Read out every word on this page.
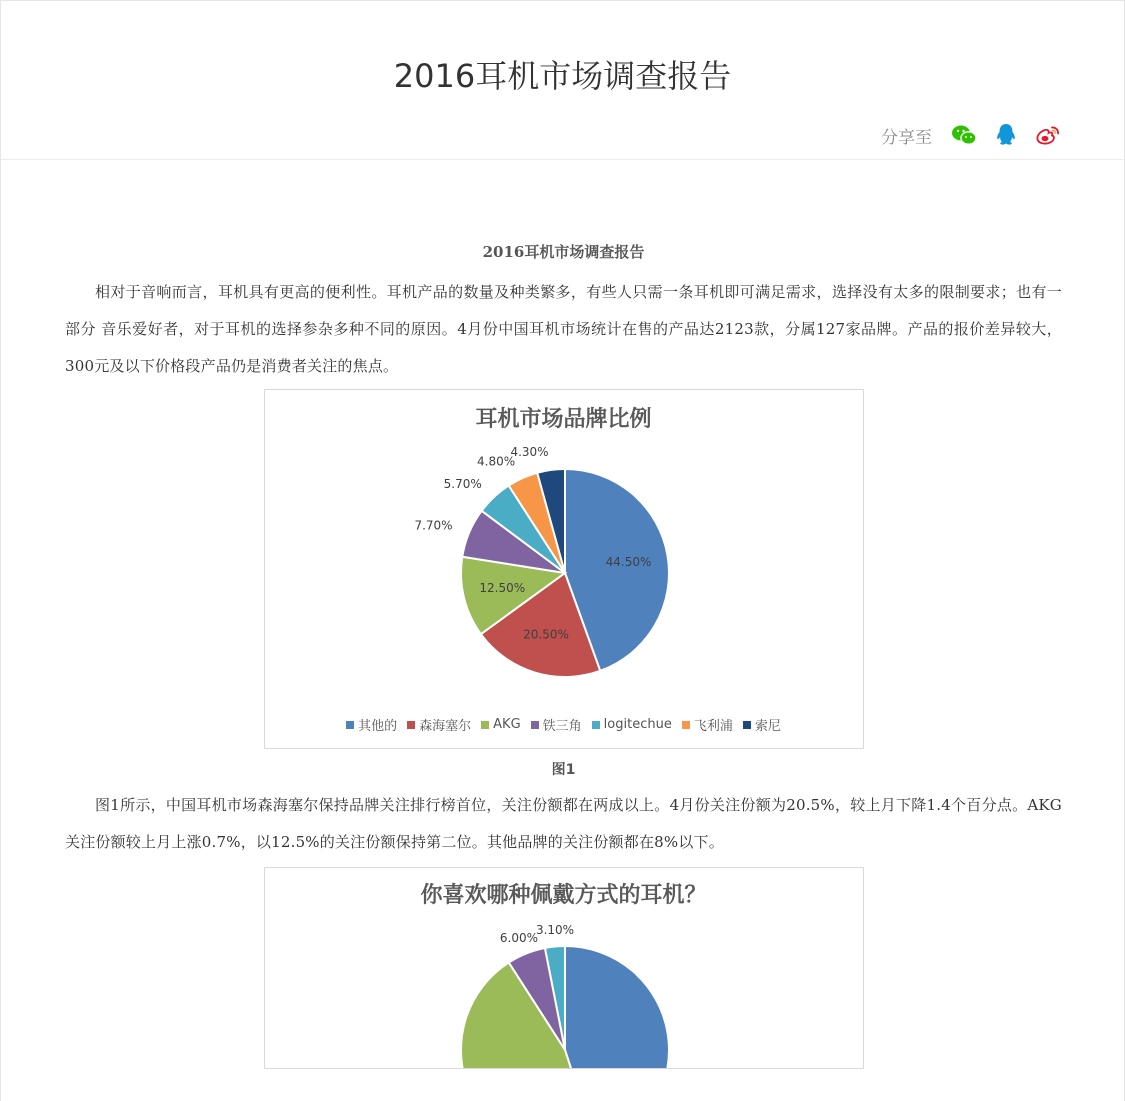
2016耳机市场调查报告
分享至
2016耳机市场调查报告

相对于音响而言，耳机具有更高的便利性。耳机产品的数量及种类繁多，有些人只需一条耳机即可满足需求，选择没有太多的限制要求；也有一部分 音乐爱好者，对于耳机的选择参杂多种不同的原因。4月份中国耳机市场统计在售的产品达2123款，分属127家品牌。产品的报价差异较大，300元及以下价格段产品仍是消费者关注的焦点。

耳机市场品牌比例
44.50%
20.50%
12.50%
7.70%
5.70%
4.80%
4.30%
其他的 森海塞尔 AKG 铁三角 logitechue 飞利浦 索尼
图1

图1所示，中国耳机市场森海塞尔保持品牌关注排行榜首位，关注份额都在两成以上。4月份关注份额为20.5%，较上月下降1.4个百分点。AKG关注份额较上月上涨0.7%，以12.5%的关注份额保持第二位。其他品牌的关注份额都在8%以下。

你喜欢哪种佩戴方式的耳机？
6.00%
3.10%
